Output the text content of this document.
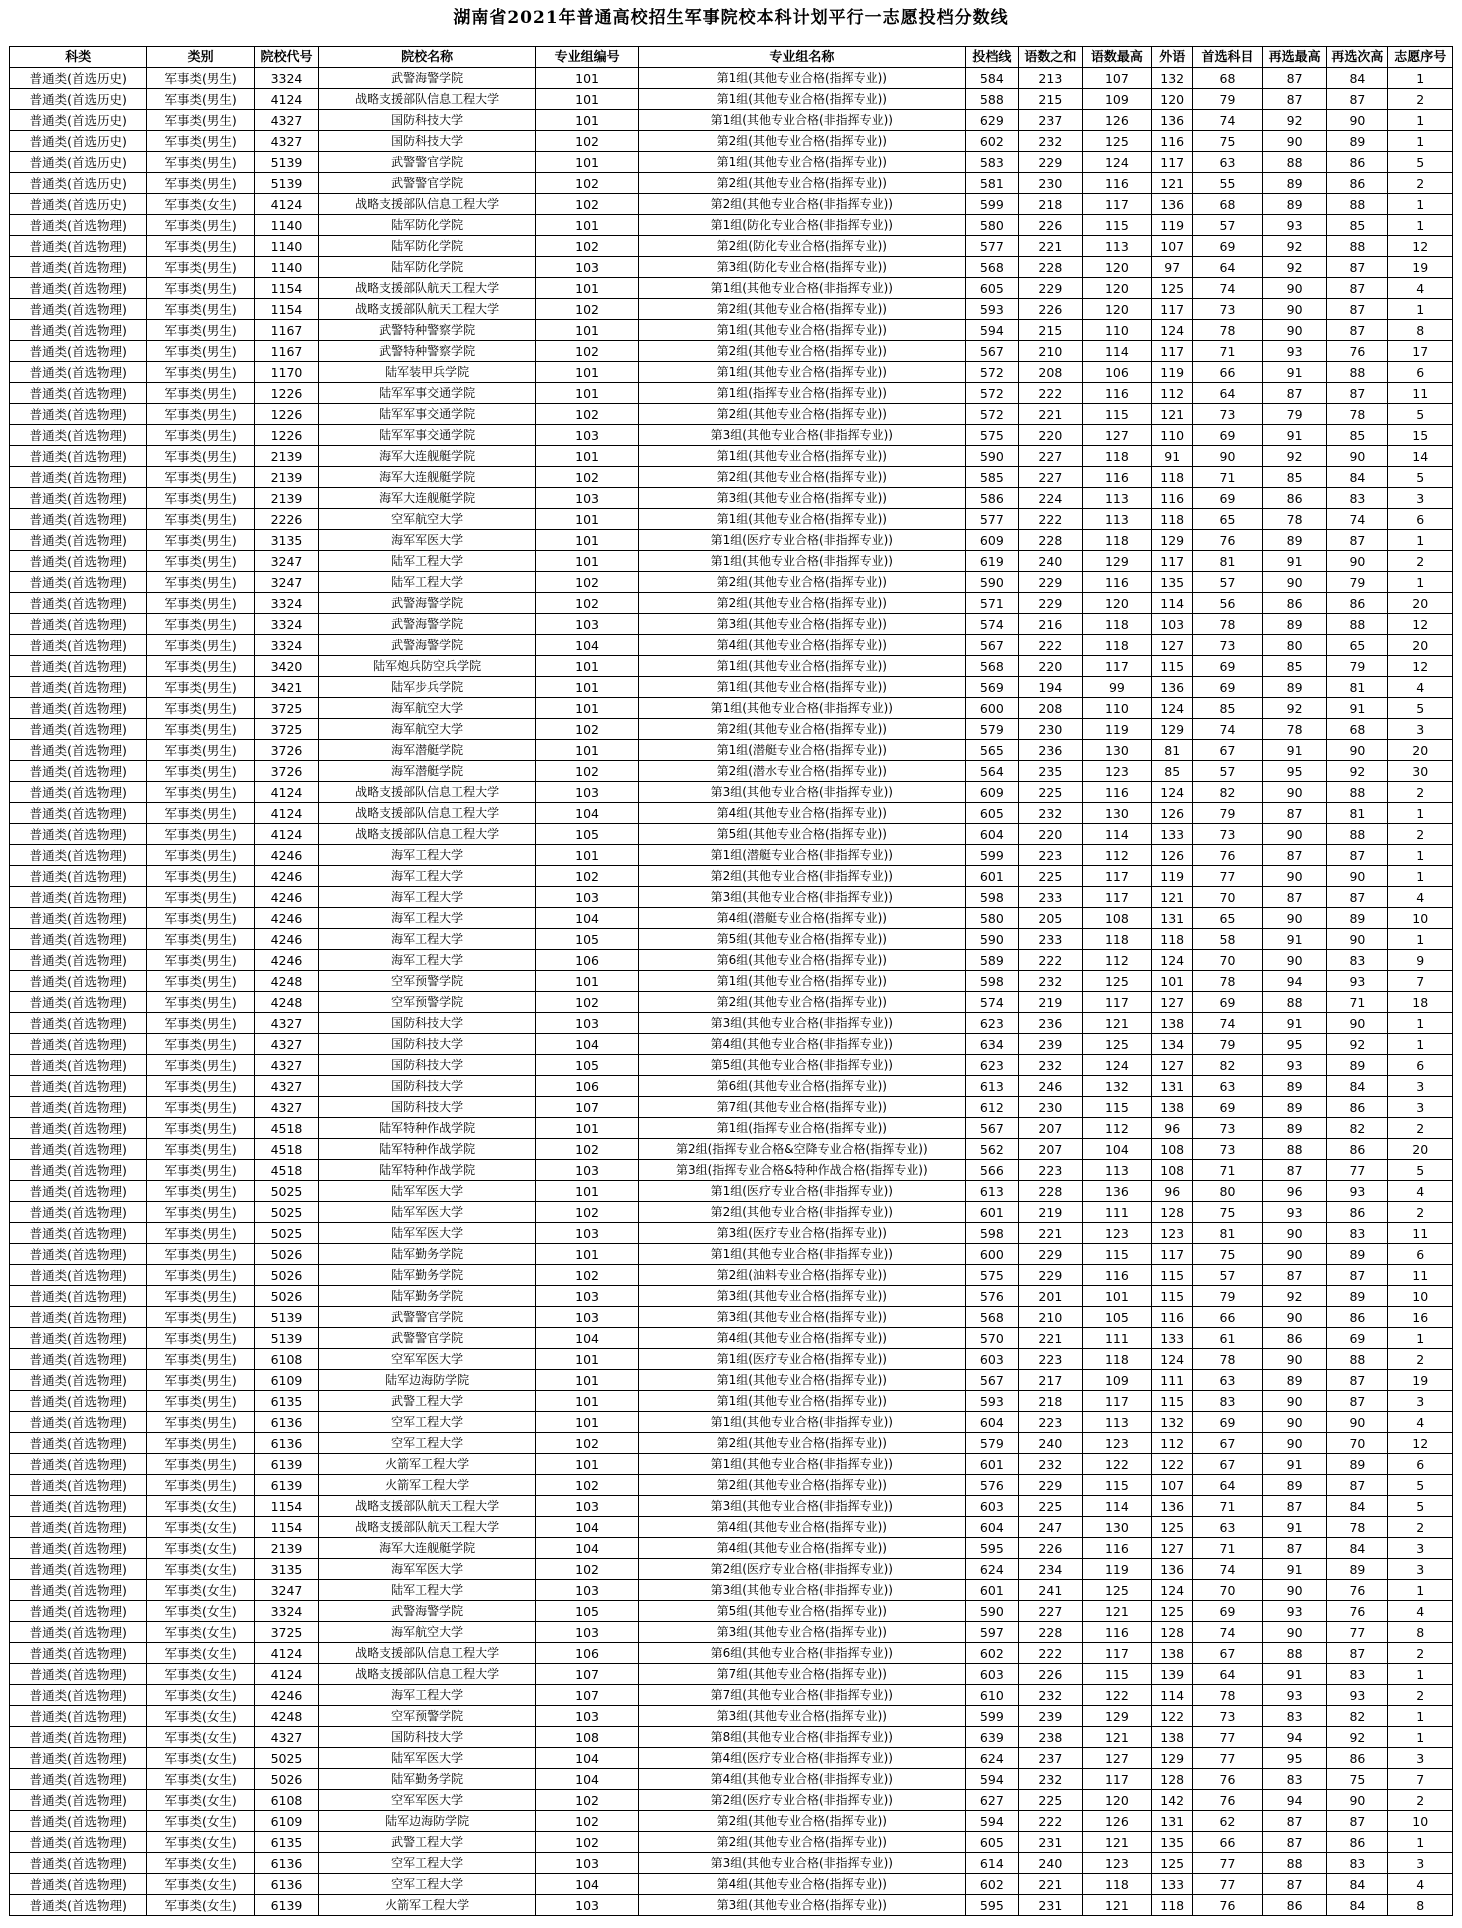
湖南省2021年普通高校招生军事院校本科计划平行一志愿投档分数线
科类	类别	院校代号	院校名称	专业组编号	专业组名称	投档线	语数之和	语数最高	外语	首选科目	再选最高	再选次高	志愿序号
普通类(首选历史)	军事类(男生)	3324	武警海警学院	101	第1组(其他专业合格(指挥专业))	584	213	107	132	68	87	84	1
普通类(首选历史)	军事类(男生)	4124	战略支援部队信息工程大学	101	第1组(其他专业合格(指挥专业))	588	215	109	120	79	87	87	2
普通类(首选历史)	军事类(男生)	4327	国防科技大学	101	第1组(其他专业合格(非指挥专业))	629	237	126	136	74	92	90	1
普通类(首选历史)	军事类(男生)	4327	国防科技大学	102	第2组(其他专业合格(指挥专业))	602	232	125	116	75	90	89	1
普通类(首选历史)	军事类(男生)	5139	武警警官学院	101	第1组(其他专业合格(指挥专业))	583	229	124	117	63	88	86	5
普通类(首选历史)	军事类(男生)	5139	武警警官学院	102	第2组(其他专业合格(指挥专业))	581	230	116	121	55	89	86	2
普通类(首选历史)	军事类(女生)	4124	战略支援部队信息工程大学	102	第2组(其他专业合格(非指挥专业))	599	218	117	136	68	89	88	1
普通类(首选物理)	军事类(男生)	1140	陆军防化学院	101	第1组(防化专业合格(非指挥专业))	580	226	115	119	57	93	85	1
普通类(首选物理)	军事类(男生)	1140	陆军防化学院	102	第2组(防化专业合格(指挥专业))	577	221	113	107	69	92	88	12
普通类(首选物理)	军事类(男生)	1140	陆军防化学院	103	第3组(防化专业合格(指挥专业))	568	228	120	97	64	92	87	19
普通类(首选物理)	军事类(男生)	1154	战略支援部队航天工程大学	101	第1组(其他专业合格(非指挥专业))	605	229	120	125	74	90	87	4
普通类(首选物理)	军事类(男生)	1154	战略支援部队航天工程大学	102	第2组(其他专业合格(指挥专业))	593	226	120	117	73	90	87	1
普通类(首选物理)	军事类(男生)	1167	武警特种警察学院	101	第1组(其他专业合格(指挥专业))	594	215	110	124	78	90	87	8
普通类(首选物理)	军事类(男生)	1167	武警特种警察学院	102	第2组(其他专业合格(指挥专业))	567	210	114	117	71	93	76	17
普通类(首选物理)	军事类(男生)	1170	陆军装甲兵学院	101	第1组(其他专业合格(指挥专业))	572	208	106	119	66	91	88	6
普通类(首选物理)	军事类(男生)	1226	陆军军事交通学院	101	第1组(指挥专业合格(指挥专业))	572	222	116	112	64	87	87	11
普通类(首选物理)	军事类(男生)	1226	陆军军事交通学院	102	第2组(其他专业合格(指挥专业))	572	221	115	121	73	79	78	5
普通类(首选物理)	军事类(男生)	1226	陆军军事交通学院	103	第3组(其他专业合格(非指挥专业))	575	220	127	110	69	91	85	15
普通类(首选物理)	军事类(男生)	2139	海军大连舰艇学院	101	第1组(其他专业合格(指挥专业))	590	227	118	91	90	92	90	14
普通类(首选物理)	军事类(男生)	2139	海军大连舰艇学院	102	第2组(其他专业合格(指挥专业))	585	227	116	118	71	85	84	5
普通类(首选物理)	军事类(男生)	2139	海军大连舰艇学院	103	第3组(其他专业合格(指挥专业))	586	224	113	116	69	86	83	3
普通类(首选物理)	军事类(男生)	2226	空军航空大学	101	第1组(其他专业合格(指挥专业))	577	222	113	118	65	78	74	6
普通类(首选物理)	军事类(男生)	3135	海军军医大学	101	第1组(医疗专业合格(非指挥专业))	609	228	118	129	76	89	87	1
普通类(首选物理)	军事类(男生)	3247	陆军工程大学	101	第1组(其他专业合格(非指挥专业))	619	240	129	117	81	91	90	2
普通类(首选物理)	军事类(男生)	3247	陆军工程大学	102	第2组(其他专业合格(指挥专业))	590	229	116	135	57	90	79	1
普通类(首选物理)	军事类(男生)	3324	武警海警学院	102	第2组(其他专业合格(指挥专业))	571	229	120	114	56	86	86	20
普通类(首选物理)	军事类(男生)	3324	武警海警学院	103	第3组(其他专业合格(指挥专业))	574	216	118	103	78	89	88	12
普通类(首选物理)	军事类(男生)	3324	武警海警学院	104	第4组(其他专业合格(指挥专业))	567	222	118	127	73	80	65	20
普通类(首选物理)	军事类(男生)	3420	陆军炮兵防空兵学院	101	第1组(其他专业合格(指挥专业))	568	220	117	115	69	85	79	12
普通类(首选物理)	军事类(男生)	3421	陆军步兵学院	101	第1组(其他专业合格(指挥专业))	569	194	99	136	69	89	81	4
普通类(首选物理)	军事类(男生)	3725	海军航空大学	101	第1组(其他专业合格(非指挥专业))	600	208	110	124	85	92	91	5
普通类(首选物理)	军事类(男生)	3725	海军航空大学	102	第2组(其他专业合格(指挥专业))	579	230	119	129	74	78	68	3
普通类(首选物理)	军事类(男生)	3726	海军潜艇学院	101	第1组(潜艇专业合格(指挥专业))	565	236	130	81	67	91	90	20
普通类(首选物理)	军事类(男生)	3726	海军潜艇学院	102	第2组(潜水专业合格(指挥专业))	564	235	123	85	57	95	92	30
普通类(首选物理)	军事类(男生)	4124	战略支援部队信息工程大学	103	第3组(其他专业合格(非指挥专业))	609	225	116	124	82	90	88	2
普通类(首选物理)	军事类(男生)	4124	战略支援部队信息工程大学	104	第4组(其他专业合格(指挥专业))	605	232	130	126	79	87	81	1
普通类(首选物理)	军事类(男生)	4124	战略支援部队信息工程大学	105	第5组(其他专业合格(指挥专业))	604	220	114	133	73	90	88	2
普通类(首选物理)	军事类(男生)	4246	海军工程大学	101	第1组(潜艇专业合格(非指挥专业))	599	223	112	126	76	87	87	1
普通类(首选物理)	军事类(男生)	4246	海军工程大学	102	第2组(其他专业合格(非指挥专业))	601	225	117	119	77	90	90	1
普通类(首选物理)	军事类(男生)	4246	海军工程大学	103	第3组(其他专业合格(非指挥专业))	598	233	117	121	70	87	87	4
普通类(首选物理)	军事类(男生)	4246	海军工程大学	104	第4组(潜艇专业合格(指挥专业))	580	205	108	131	65	90	89	10
普通类(首选物理)	军事类(男生)	4246	海军工程大学	105	第5组(其他专业合格(指挥专业))	590	233	118	118	58	91	90	1
普通类(首选物理)	军事类(男生)	4246	海军工程大学	106	第6组(其他专业合格(指挥专业))	589	222	112	124	70	90	83	9
普通类(首选物理)	军事类(男生)	4248	空军预警学院	101	第1组(其他专业合格(指挥专业))	598	232	125	101	78	94	93	7
普通类(首选物理)	军事类(男生)	4248	空军预警学院	102	第2组(其他专业合格(指挥专业))	574	219	117	127	69	88	71	18
普通类(首选物理)	军事类(男生)	4327	国防科技大学	103	第3组(其他专业合格(非指挥专业))	623	236	121	138	74	91	90	1
普通类(首选物理)	军事类(男生)	4327	国防科技大学	104	第4组(其他专业合格(非指挥专业))	634	239	125	134	79	95	92	1
普通类(首选物理)	军事类(男生)	4327	国防科技大学	105	第5组(其他专业合格(非指挥专业))	623	232	124	127	82	93	89	6
普通类(首选物理)	军事类(男生)	4327	国防科技大学	106	第6组(其他专业合格(指挥专业))	613	246	132	131	63	89	84	3
普通类(首选物理)	军事类(男生)	4327	国防科技大学	107	第7组(其他专业合格(指挥专业))	612	230	115	138	69	89	86	3
普通类(首选物理)	军事类(男生)	4518	陆军特种作战学院	101	第1组(指挥专业合格(指挥专业))	567	207	112	96	73	89	82	2
普通类(首选物理)	军事类(男生)	4518	陆军特种作战学院	102	第2组(指挥专业合格&空降专业合格(指挥专业))	562	207	104	108	73	88	86	20
普通类(首选物理)	军事类(男生)	4518	陆军特种作战学院	103	第3组(指挥专业合格&特种作战合格(指挥专业))	566	223	113	108	71	87	77	5
普通类(首选物理)	军事类(男生)	5025	陆军军医大学	101	第1组(医疗专业合格(非指挥专业))	613	228	136	96	80	96	93	4
普通类(首选物理)	军事类(男生)	5025	陆军军医大学	102	第2组(其他专业合格(非指挥专业))	601	219	111	128	75	93	86	2
普通类(首选物理)	军事类(男生)	5025	陆军军医大学	103	第3组(医疗专业合格(指挥专业))	598	221	123	123	81	90	83	11
普通类(首选物理)	军事类(男生)	5026	陆军勤务学院	101	第1组(其他专业合格(非指挥专业))	600	229	115	117	75	90	89	6
普通类(首选物理)	军事类(男生)	5026	陆军勤务学院	102	第2组(油料专业合格(指挥专业))	575	229	116	115	57	87	87	11
普通类(首选物理)	军事类(男生)	5026	陆军勤务学院	103	第3组(其他专业合格(指挥专业))	576	201	101	115	79	92	89	10
普通类(首选物理)	军事类(男生)	5139	武警警官学院	103	第3组(其他专业合格(指挥专业))	568	210	105	116	66	90	86	16
普通类(首选物理)	军事类(男生)	5139	武警警官学院	104	第4组(其他专业合格(指挥专业))	570	221	111	133	61	86	69	1
普通类(首选物理)	军事类(男生)	6108	空军军医大学	101	第1组(医疗专业合格(指挥专业))	603	223	118	124	78	90	88	2
普通类(首选物理)	军事类(男生)	6109	陆军边海防学院	101	第1组(其他专业合格(指挥专业))	567	217	109	111	63	89	87	19
普通类(首选物理)	军事类(男生)	6135	武警工程大学	101	第1组(其他专业合格(指挥专业))	593	218	117	115	83	90	87	3
普通类(首选物理)	军事类(男生)	6136	空军工程大学	101	第1组(其他专业合格(非指挥专业))	604	223	113	132	69	90	90	4
普通类(首选物理)	军事类(男生)	6136	空军工程大学	102	第2组(其他专业合格(指挥专业))	579	240	123	112	67	90	70	12
普通类(首选物理)	军事类(男生)	6139	火箭军工程大学	101	第1组(其他专业合格(非指挥专业))	601	232	122	122	67	91	89	6
普通类(首选物理)	军事类(男生)	6139	火箭军工程大学	102	第2组(其他专业合格(指挥专业))	576	229	115	107	64	89	87	5
普通类(首选物理)	军事类(女生)	1154	战略支援部队航天工程大学	103	第3组(其他专业合格(非指挥专业))	603	225	114	136	71	87	84	5
普通类(首选物理)	军事类(女生)	1154	战略支援部队航天工程大学	104	第4组(其他专业合格(指挥专业))	604	247	130	125	63	91	78	2
普通类(首选物理)	军事类(女生)	2139	海军大连舰艇学院	104	第4组(其他专业合格(指挥专业))	595	226	116	127	71	87	84	3
普通类(首选物理)	军事类(女生)	3135	海军军医大学	102	第2组(医疗专业合格(非指挥专业))	624	234	119	136	74	91	89	3
普通类(首选物理)	军事类(女生)	3247	陆军工程大学	103	第3组(其他专业合格(非指挥专业))	601	241	125	124	70	90	76	1
普通类(首选物理)	军事类(女生)	3324	武警海警学院	105	第5组(其他专业合格(指挥专业))	590	227	121	125	69	93	76	4
普通类(首选物理)	军事类(女生)	3725	海军航空大学	103	第3组(其他专业合格(指挥专业))	597	228	116	128	74	90	77	8
普通类(首选物理)	军事类(女生)	4124	战略支援部队信息工程大学	106	第6组(其他专业合格(非指挥专业))	602	222	117	138	67	88	87	2
普通类(首选物理)	军事类(女生)	4124	战略支援部队信息工程大学	107	第7组(其他专业合格(指挥专业))	603	226	115	139	64	91	83	1
普通类(首选物理)	军事类(女生)	4246	海军工程大学	107	第7组(其他专业合格(非指挥专业))	610	232	122	114	78	93	93	2
普通类(首选物理)	军事类(女生)	4248	空军预警学院	103	第3组(其他专业合格(指挥专业))	599	239	129	122	73	83	82	1
普通类(首选物理)	军事类(女生)	4327	国防科技大学	108	第8组(其他专业合格(非指挥专业))	639	238	121	138	77	94	92	1
普通类(首选物理)	军事类(女生)	5025	陆军军医大学	104	第4组(医疗专业合格(非指挥专业))	624	237	127	129	77	95	86	3
普通类(首选物理)	军事类(女生)	5026	陆军勤务学院	104	第4组(其他专业合格(非指挥专业))	594	232	117	128	76	83	75	7
普通类(首选物理)	军事类(女生)	6108	空军军医大学	102	第2组(医疗专业合格(非指挥专业))	627	225	120	142	76	94	90	2
普通类(首选物理)	军事类(女生)	6109	陆军边海防学院	102	第2组(其他专业合格(指挥专业))	594	222	126	131	62	87	87	10
普通类(首选物理)	军事类(女生)	6135	武警工程大学	102	第2组(其他专业合格(指挥专业))	605	231	121	135	66	87	86	1
普通类(首选物理)	军事类(女生)	6136	空军工程大学	103	第3组(其他专业合格(非指挥专业))	614	240	123	125	77	88	83	3
普通类(首选物理)	军事类(女生)	6136	空军工程大学	104	第4组(其他专业合格(指挥专业))	602	221	118	133	77	87	84	4
普通类(首选物理)	军事类(女生)	6139	火箭军工程大学	103	第3组(其他专业合格(指挥专业))	595	231	121	118	76	86	84	8
